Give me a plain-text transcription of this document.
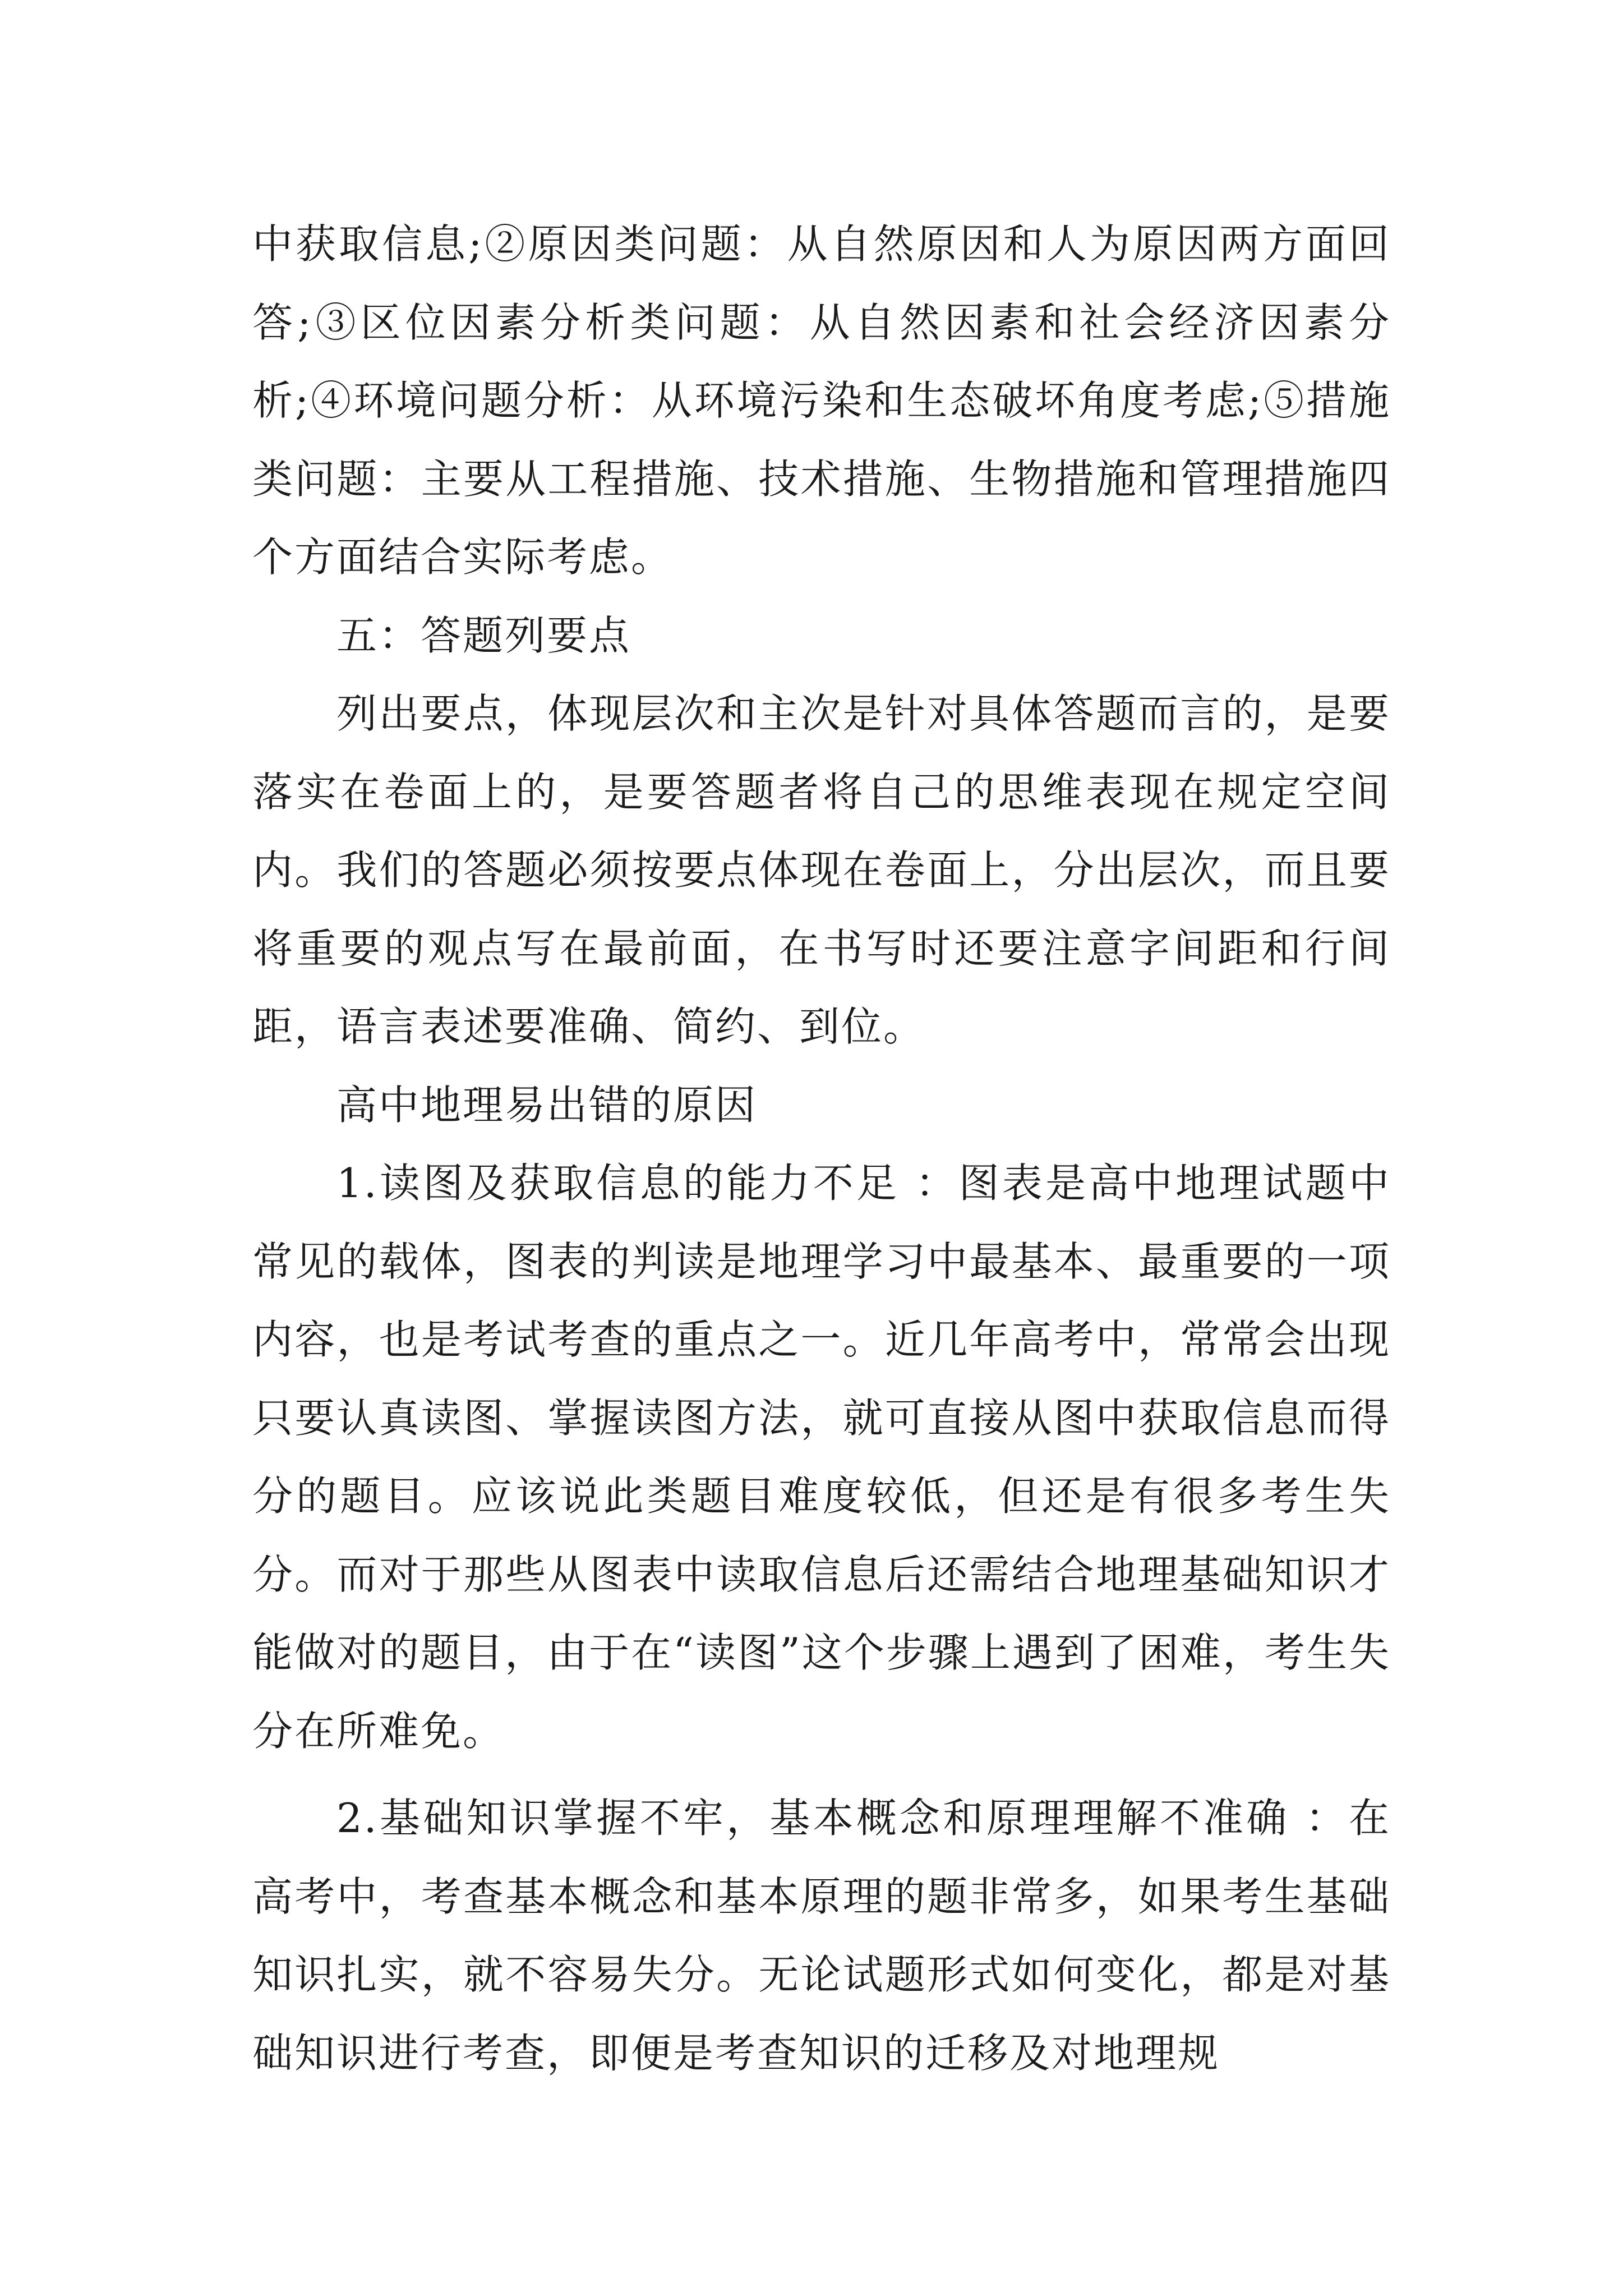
中获取信息;②原因类问题：从自然原因和人为原因两方面回答;③区位因素分析类问题：从自然因素和社会经济因素分析;④环境问题分析：从环境污染和生态破坏角度考虑;⑤措施类问题：主要从工程措施、技术措施、生物措施和管理措施四个方面结合实际考虑。

五：答题列要点

列出要点，体现层次和主次是针对具体答题而言的，是要落实在卷面上的，是要答题者将自己的思维表现在规定空间内。我们的答题必须按要点体现在卷面上，分出层次，而且要将重要的观点写在最前面，在书写时还要注意字间距和行间距，语言表述要准确、简约、到位。

高中地理易出错的原因

1.读图及获取信息的能力不足 ：图表是高中地理试题中常见的载体，图表的判读是地理学习中最基本、最重要的一项内容，也是考试考查的重点之一。近几年高考中，常常会出现只要认真读图、掌握读图方法，就可直接从图中获取信息而得分的题目。应该说此类题目难度较低，但还是有很多考生失分。而对于那些从图表中读取信息后还需结合地理基础知识才能做对的题目，由于在“读图”这个步骤上遇到了困难，考生失分在所难免。

2.基础知识掌握不牢，基本概念和原理理解不准确 ：在高考中，考查基本概念和基本原理的题非常多，如果考生基础知识扎实，就不容易失分。无论试题形式如何变化，都是对基础知识进行考查，即便是考查知识的迁移及对地理规
